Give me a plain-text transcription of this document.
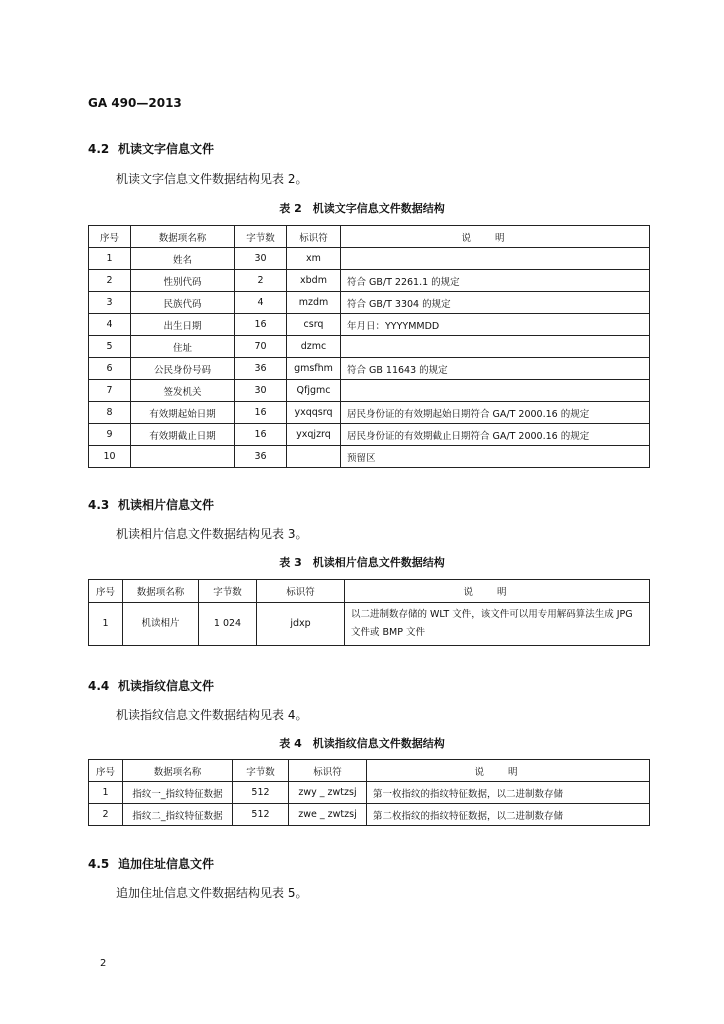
GA 490—2013
4.2 机读文字信息文件
机读文字信息文件数据结构见表 2。
表 2　机读文字信息文件数据结构
序号	数据项名称	字节数	标识符	说明
1	姓名	30	xm	
2	性别代码	2	xbdm	符合 GB/T 2261.1 的规定
3	民族代码	4	mzdm	符合 GB/T 3304 的规定
4	出生日期	16	csrq	年月日：YYYYMMDD
5	住址	70	dzmc	
6	公民身份号码	36	gmsfhm	符合 GB 11643 的规定
7	签发机关	30	Qfjgmc	
8	有效期起始日期	16	yxqqsrq	居民身份证的有效期起始日期符合 GA/T 2000.16 的规定
9	有效期截止日期	16	yxqjzrq	居民身份证的有效期截止日期符合 GA/T 2000.16 的规定
10		36		预留区
4.3 机读相片信息文件
机读相片信息文件数据结构见表 3。
表 3　机读相片信息文件数据结构
序号	数据项名称	字节数	标识符	说明
1	机读相片	1 024	jdxp	以二进制数存储的 WLT 文件，该文件可以用专用解码算法生成 JPG 文件或 BMP 文件
4.4 机读指纹信息文件
机读指纹信息文件数据结构见表 4。
表 4　机读指纹信息文件数据结构
序号	数据项名称	字节数	标识符	说明
1	指纹一_指纹特征数据	512	zwy _ zwtzsj	第一枚指纹的指纹特征数据，以二进制数存储
2	指纹二_指纹特征数据	512	zwe _ zwtzsj	第二枚指纹的指纹特征数据，以二进制数存储
4.5 追加住址信息文件
追加住址信息文件数据结构见表 5。
2
